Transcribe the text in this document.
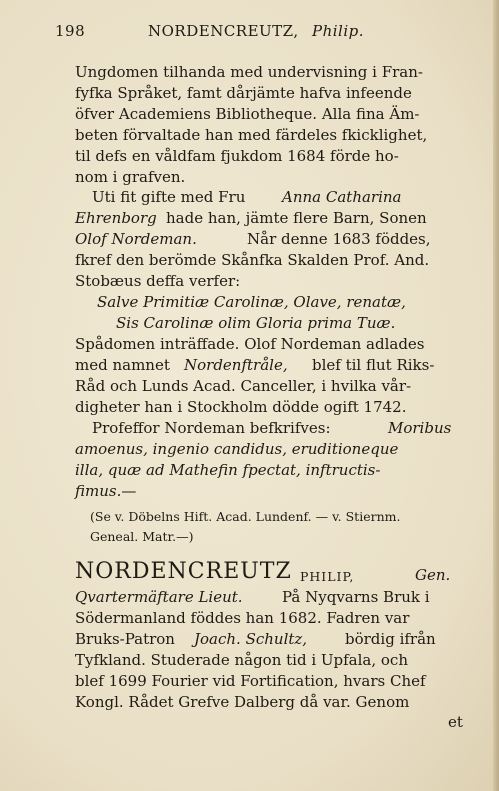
198	NORDENCREUTZ, Philip.
Ungdomen tilhanda med undervisning i Fran-
fyfka Språket, famt dårjämte hafva infeende
öfver Academiens Bibliotheque. Alla fina Äm-
beten förvaltade han med färdeles fkicklighet,
til defs en våldfam fjukdom 1684 förde ho-
nom i grafven.
Uti fit gifte med Fru Anna Catharina
Ehrenborg hade han, jämte flere Barn, Sonen
Olof Nordeman.	Når denne 1683 föddes,
fkref den berömde Skånfka Skalden Prof. And.
Stobæus deffa verfer:
Salve Primitiæ Carolinæ, Olave, renatæ,
Sis Carolinæ olim Gloria prima Tuæ.
Spådomen inträffade. Olof Nordeman adlades
med namnet Nordenftråle, blef til flut Riks-
Råd och Lunds Acad. Canceller, i hvilka vår-
digheter han i Stockholm dödde ogift 1742.
Profeffor Nordeman befkrifves:	Moribus
amoenus, ingenio candidus, eruditioneque
illa, quæ ad Mathefin fpectat, inftructis-
fimus.—
(Se v. Döbelns Hift. Acad. Lundenf. — v. Stiernm.
Geneal. Matr.—)
NORDENCREUTZ PHILIP,	Gen.
Qvartermäftare Lieut.	På Nyqvarns Bruk i
Södermanland föddes han 1682. Fadren var
Bruks-Patron Joach. Schultz,	bördig ifrån
Tyfkland. Studerade någon tid i Upfala, och
blef 1699 Fourier vid Fortification, hvars Chef
Kongl. Rådet Grefve Dalberg då var. Genom
et
